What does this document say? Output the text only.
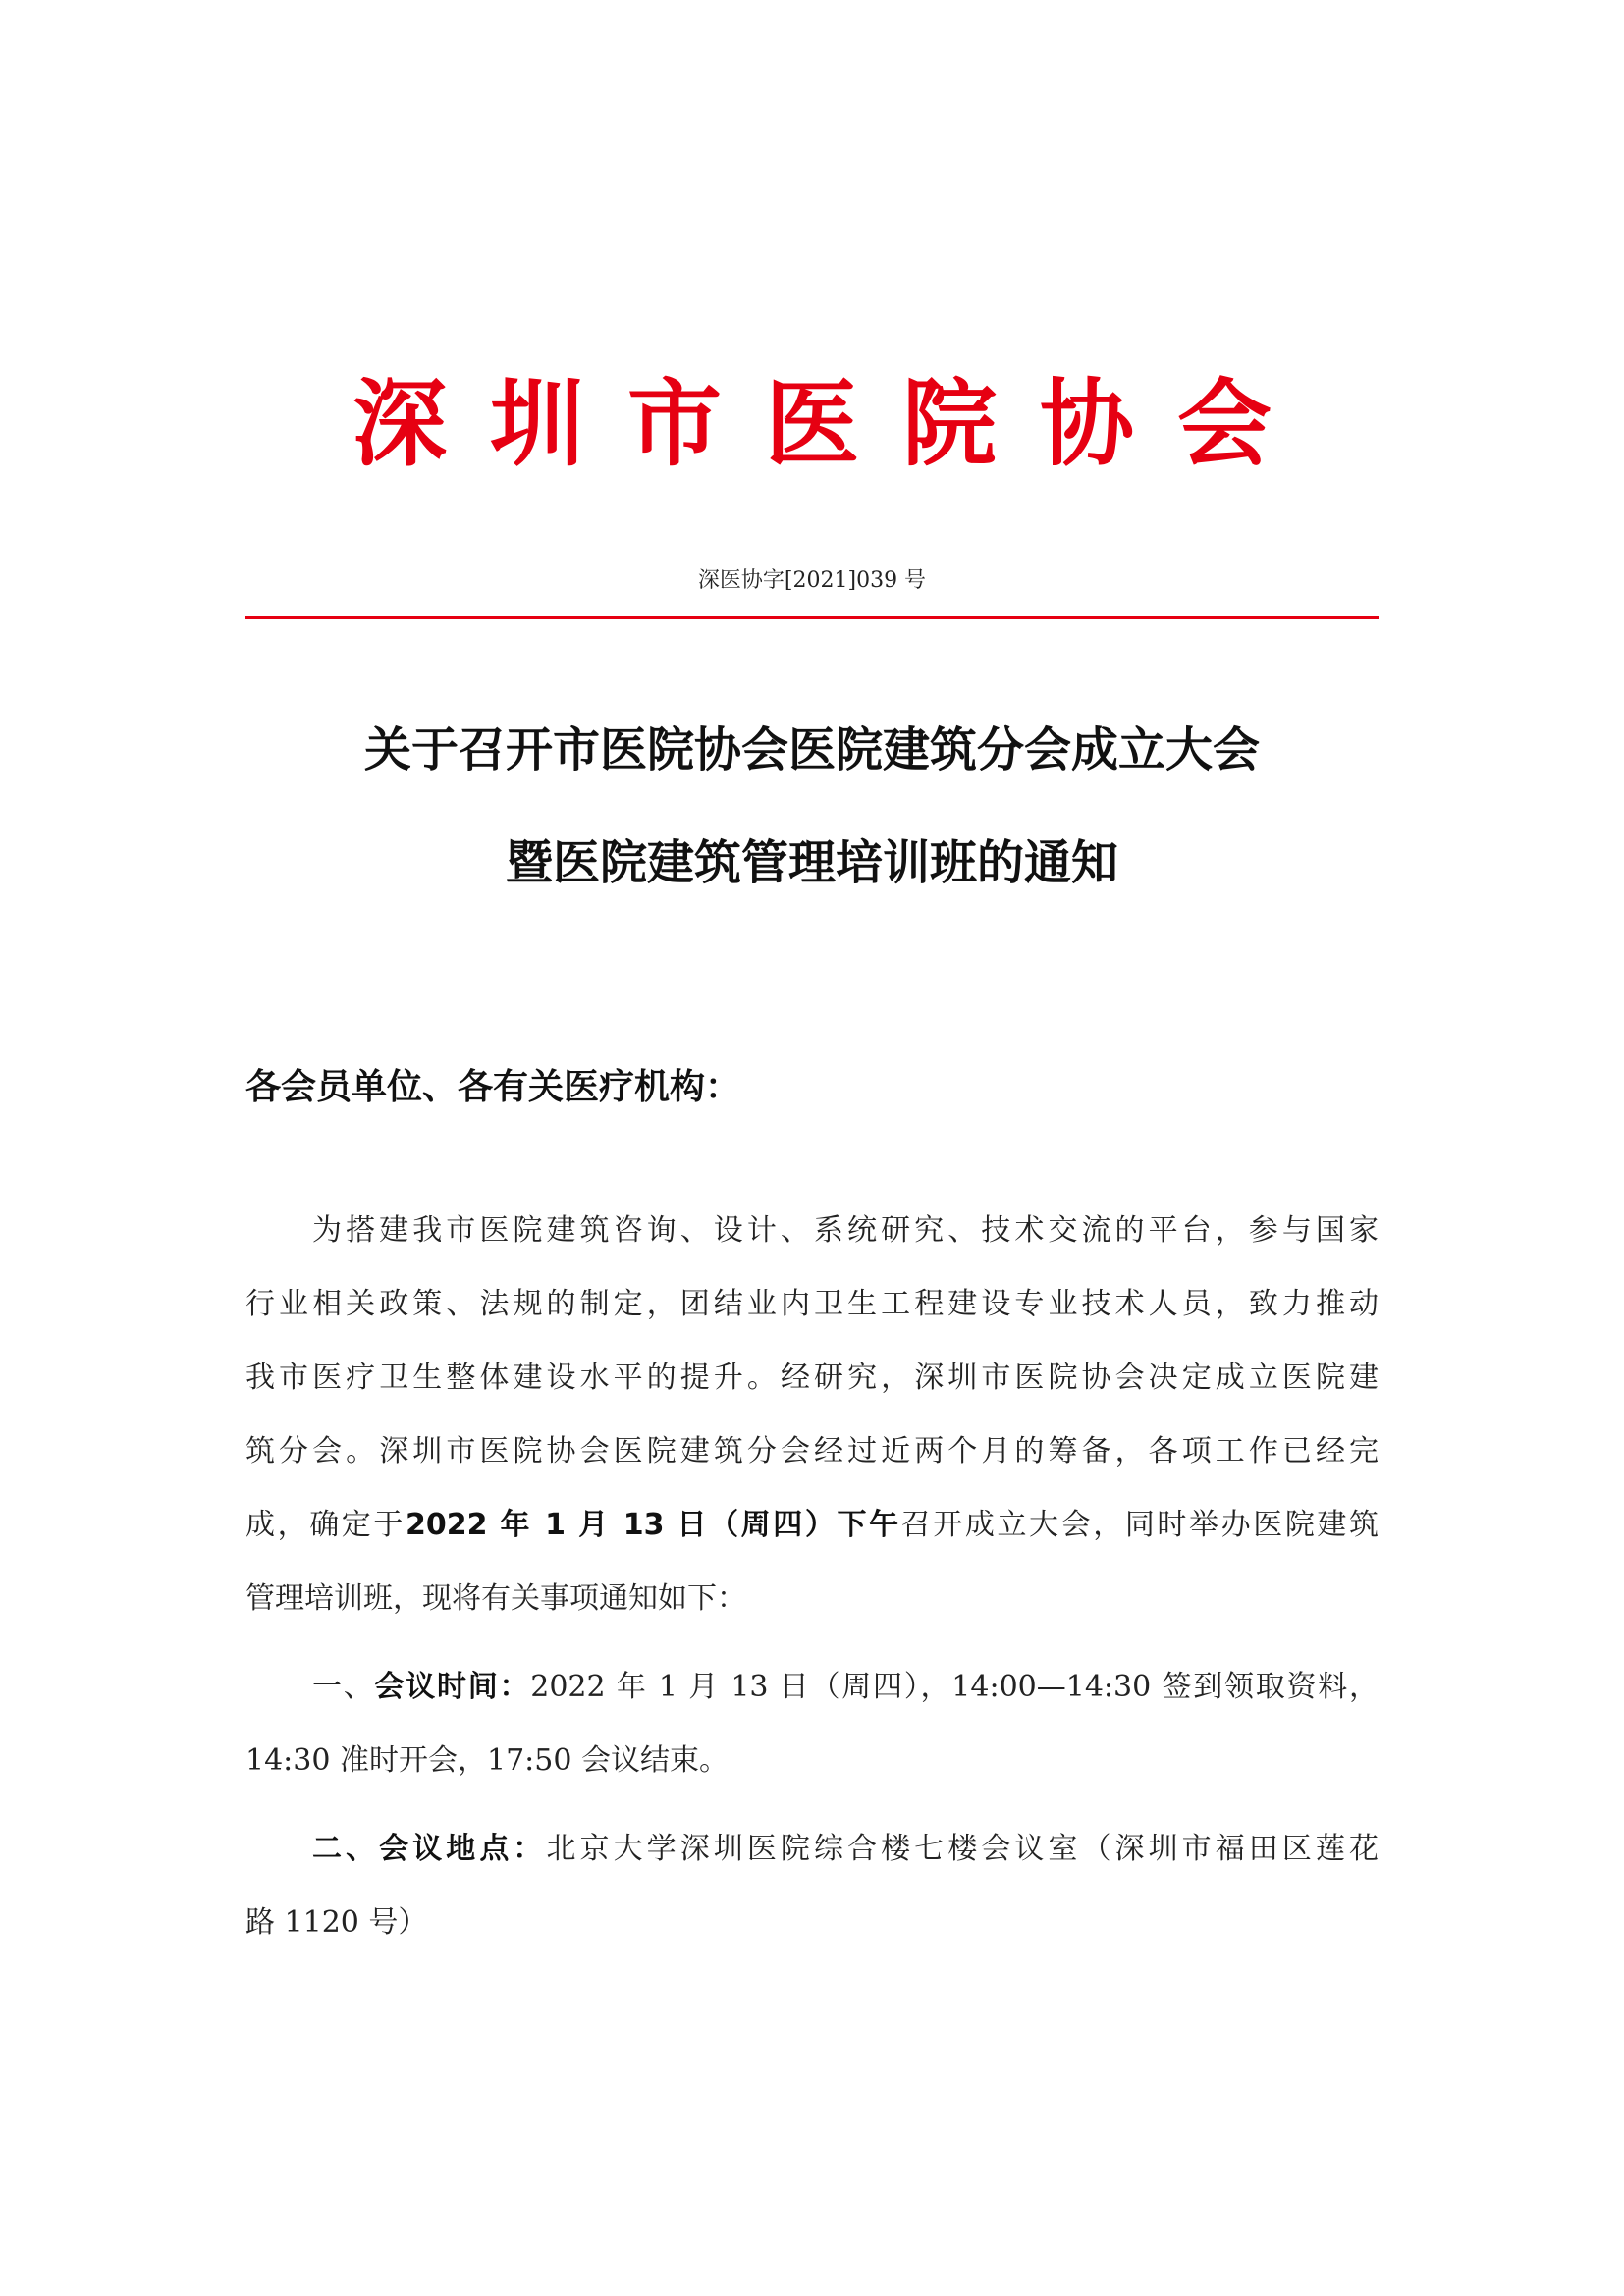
深圳市医院协会
深医协字[2021]039 号
关于召开市医院协会医院建筑分会成立大会
暨医院建筑管理培训班的通知
各会员单位、各有关医疗机构：
为搭建我市医院建筑咨询、设计、系统研究、技术交流的平台，参与国家
行业相关政策、法规的制定，团结业内卫生工程建设专业技术人员，致力推动
我市医疗卫生整体建设水平的提升。经研究，深圳市医院协会决定成立医院建
筑分会。深圳市医院协会医院建筑分会经过近两个月的筹备，各项工作已经完
成，确定于2022 年 1 月 13 日（周四）下午召开成立大会，同时举办医院建筑
管理培训班，现将有关事项通知如下：
一、会议时间：2022 年 1 月 13 日（周四），14:00—14:30 签到领取资料，
14:30 准时开会，17:50 会议结束。
二、会议地点：北京大学深圳医院综合楼七楼会议室（深圳市福田区莲花
路 1120 号）
